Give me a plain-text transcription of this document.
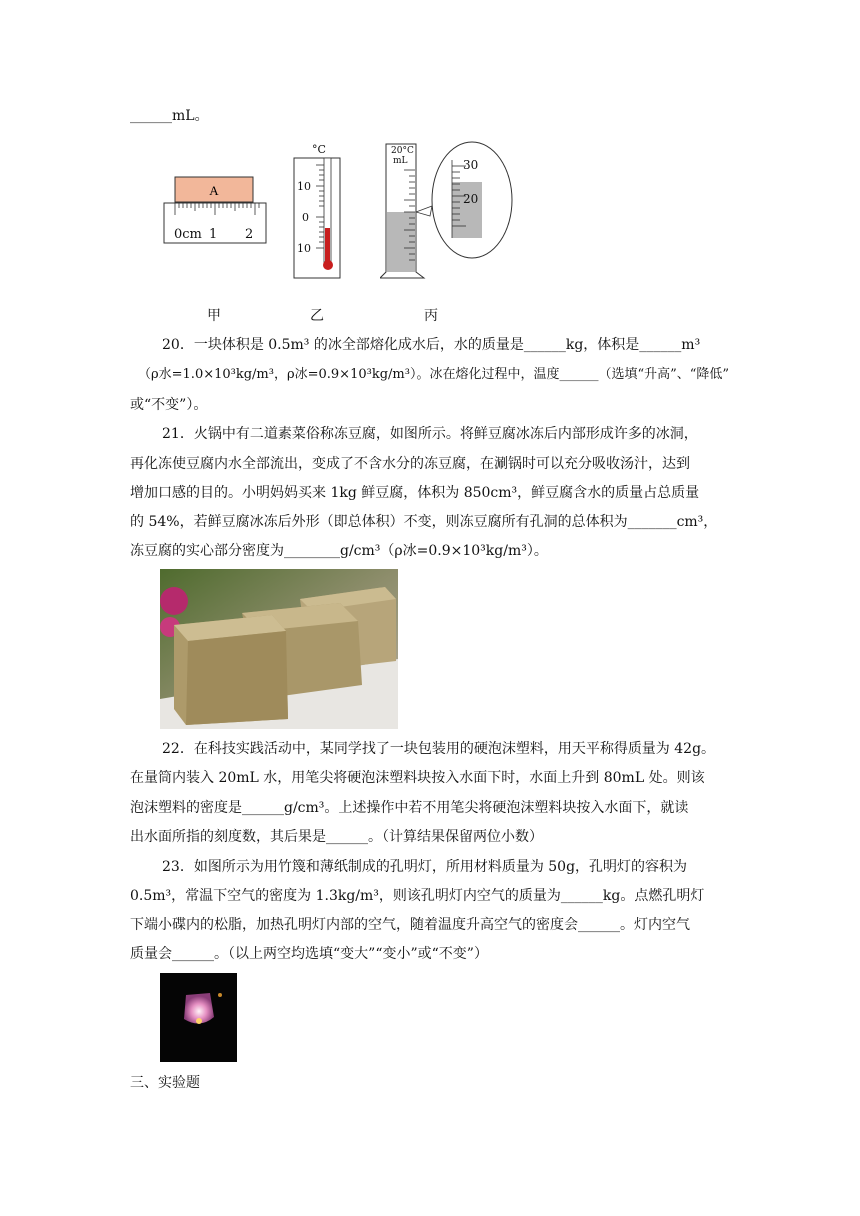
______mL。
A
0cm 1 2
°C
10
0
10
20°C
mL	30
20
甲	乙	丙
20．一块体积是 0.5m³ 的冰全部熔化成水后，水的质量是______kg，体积是______m³
（ρ水=1.0×10³kg/m³，ρ冰=0.9×10³kg/m³）。冰在熔化过程中，温度______（选填“升高”、“降低”
或“不变”）。
21．火锅中有二道素菜俗称冻豆腐，如图所示。将鲜豆腐冰冻后内部形成许多的冰洞，
再化冻使豆腐内水全部流出，变成了不含水分的冻豆腐，在涮锅时可以充分吸收汤汁，达到
增加口感的目的。小明妈妈买来 1kg 鲜豆腐，体积为 850cm³，鲜豆腐含水的质量占总质量
的 54%，若鲜豆腐冰冻后外形（即总体积）不变，则冻豆腐所有孔洞的总体积为_______cm³，
冻豆腐的实心部分密度为________g/cm³（ρ冰=0.9×10³kg/m³）。
22．在科技实践活动中，某同学找了一块包装用的硬泡沫塑料，用天平称得质量为 42g。
在量筒内装入 20mL 水，用笔尖将硬泡沫塑料块按入水面下时，水面上升到 80mL 处。则该
泡沫塑料的密度是______g/cm³。上述操作中若不用笔尖将硬泡沫塑料块按入水面下，就读
出水面所指的刻度数，其后果是______。（计算结果保留两位小数）
23．如图所示为用竹篾和薄纸制成的孔明灯，所用材料质量为 50g，孔明灯的容积为
0.5m³，常温下空气的密度为 1.3kg/m³，则该孔明灯内空气的质量为______kg。点燃孔明灯
下端小碟内的松脂，加热孔明灯内部的空气，随着温度升高空气的密度会______。灯内空气
质量会______。（以上两空均选填“变大”“变小”或“不变”）
三、实验题
